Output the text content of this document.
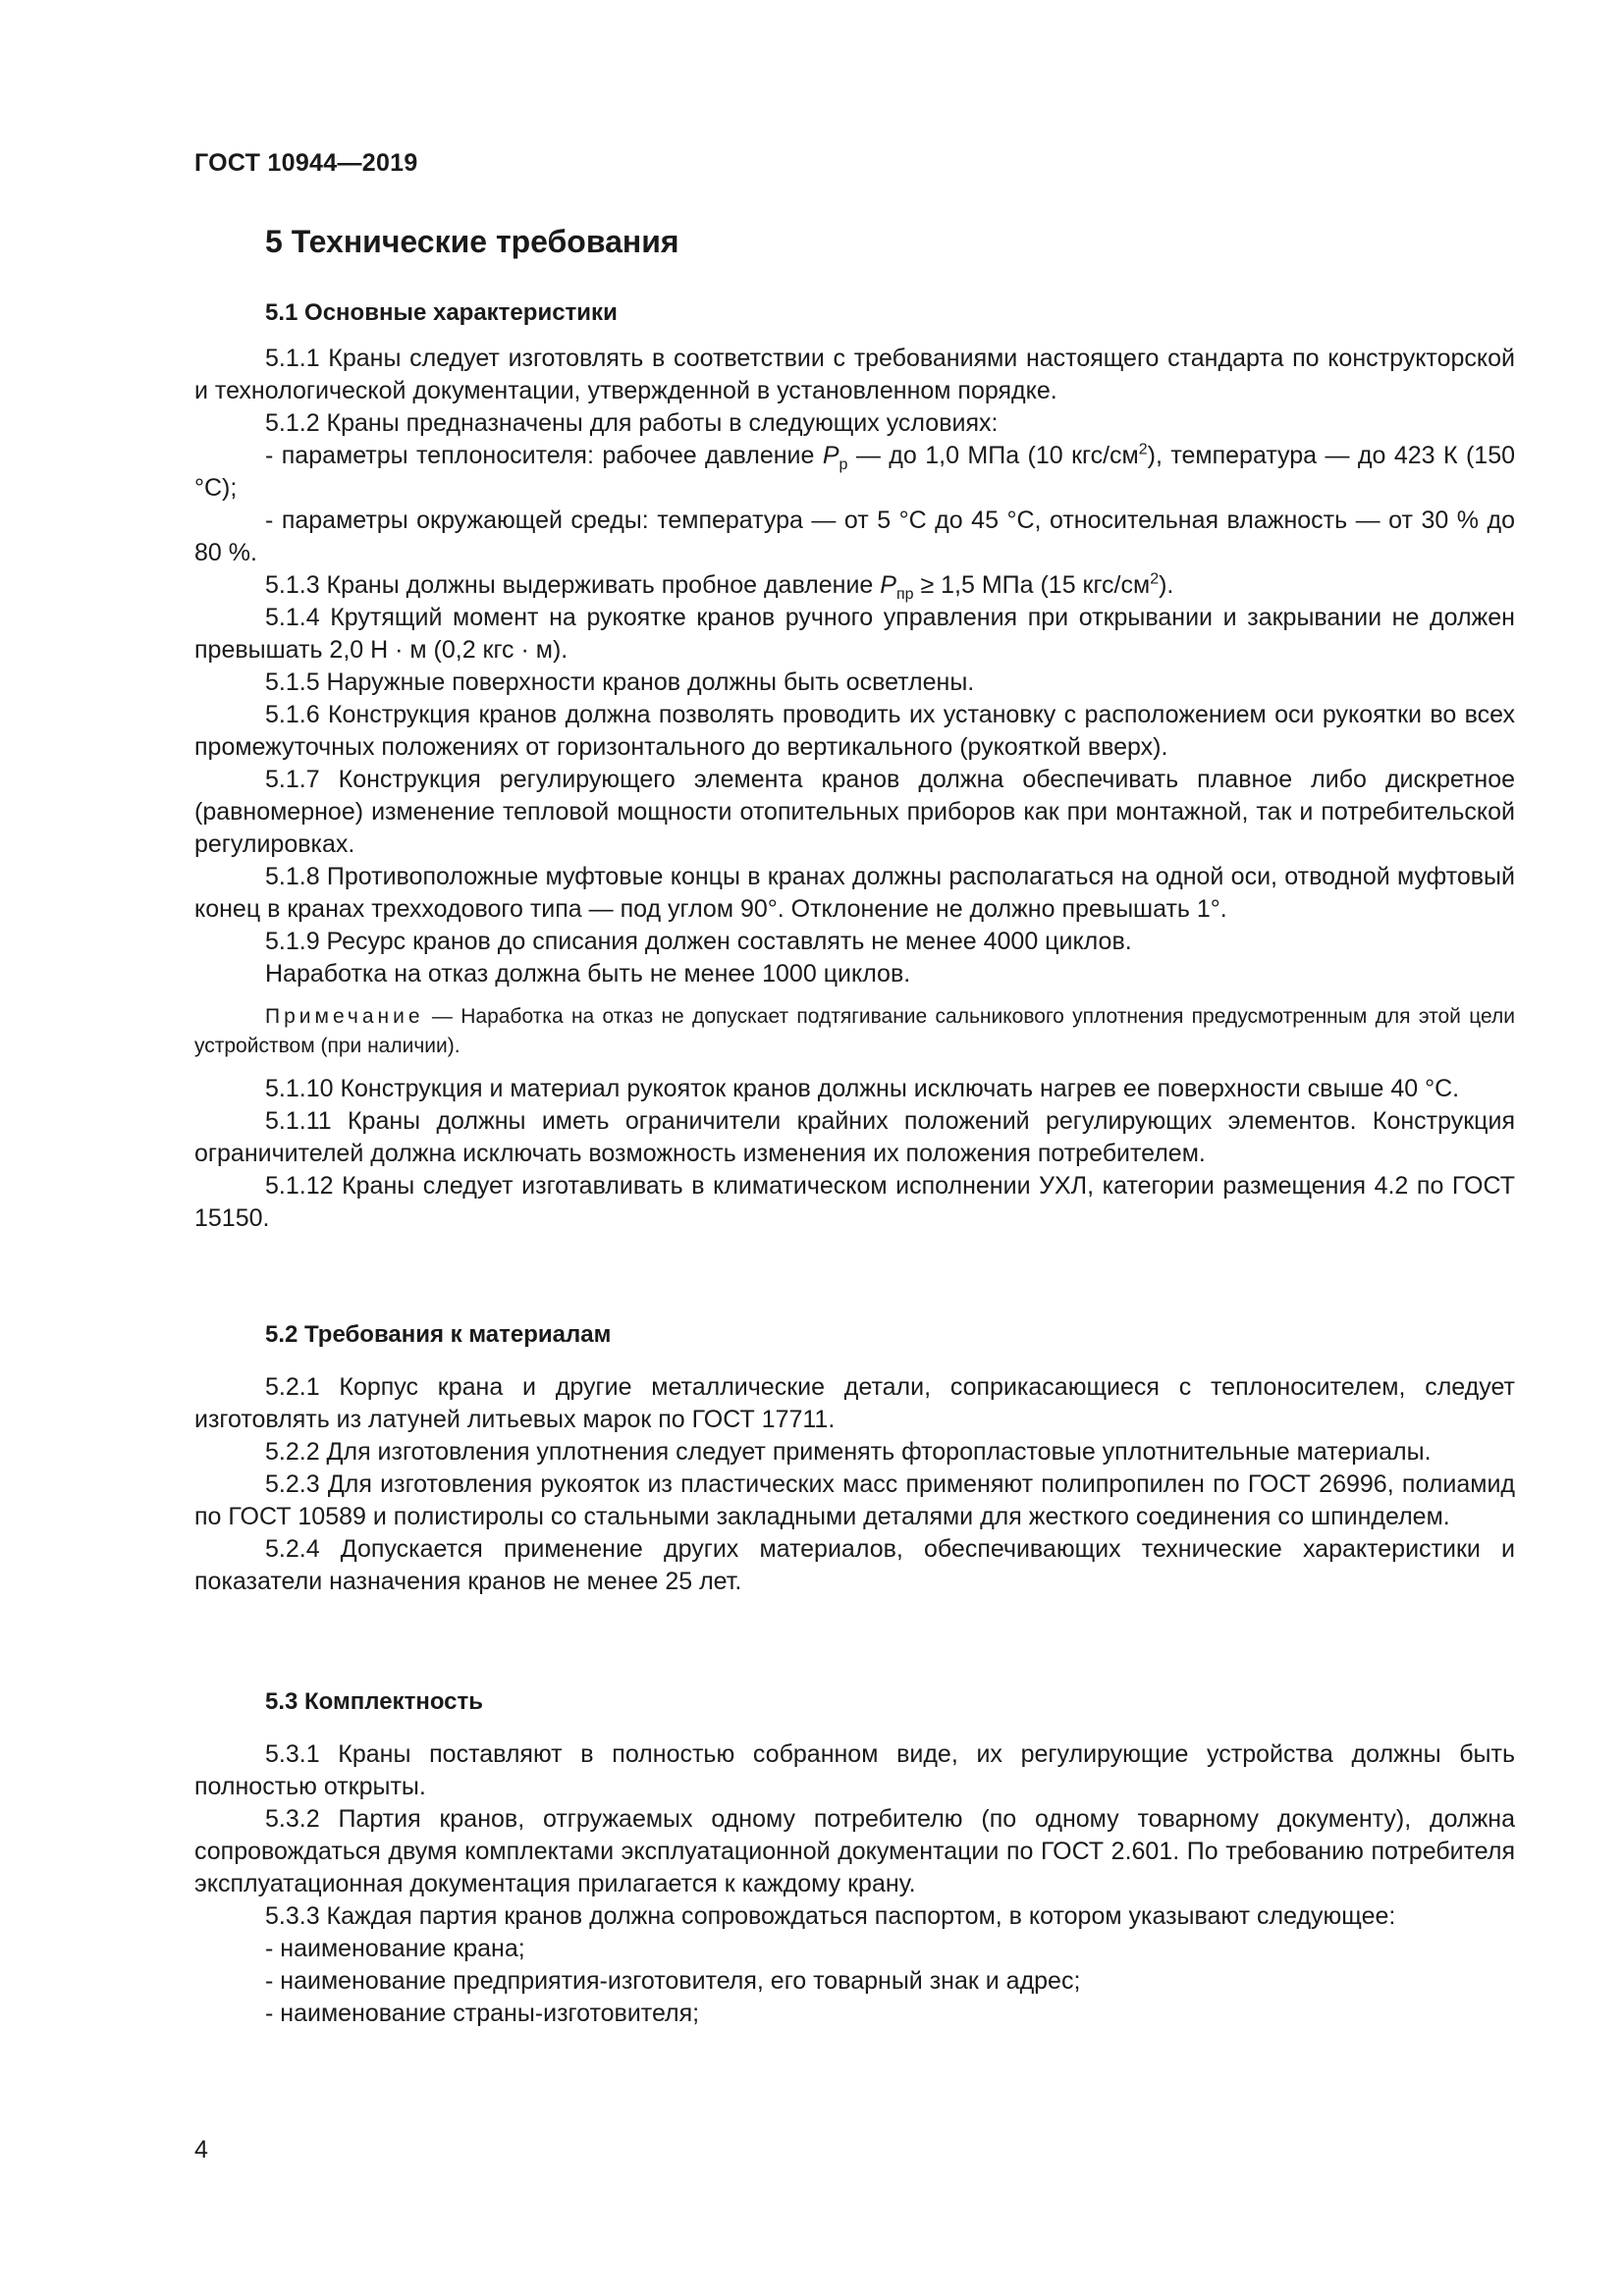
ГОСТ 10944—2019
5 Технические требования
5.1 Основные характеристики

5.1.1 Краны следует изготовлять в соответствии с требованиями настоящего стандарта по конструкторской и технологической документации, утвержденной в установленном порядке.

5.1.2 Краны предназначены для работы в следующих условиях:

- параметры теплоносителя: рабочее давление $P_р$ — до 1,0 МПа (10 кгс/$см^2$), температура — до 423 К (150 °С);

- параметры окружающей среды: температура — от 5 °С до 45 °С, относительная влажность — от 30 % до 80 %.

5.1.3 Краны должны выдерживать пробное давление $P_{пр} \ge 1,5$ МПа (15 кгс/$см^2$).

5.1.4 Крутящий момент на рукоятке кранов ручного управления при открывании и закрывании не должен превышать 2,0 Н · м (0,2 кгс · м).

5.1.5 Наружные поверхности кранов должны быть осветлены.

5.1.6 Конструкция кранов должна позволять проводить их установку с расположением оси рукоятки во всех промежуточных положениях от горизонтального до вертикального (рукояткой вверх).

5.1.7 Конструкция регулирующего элемента кранов должна обеспечивать плавное либо дискретное (равномерное) изменение тепловой мощности отопительных приборов как при монтажной, так и потребительской регулировках.

5.1.8 Противоположные муфтовые концы в кранах должны располагаться на одной оси, отводной муфтовый конец в кранах трехходового типа — под углом 90°. Отклонение не должно превышать 1°.

5.1.9 Ресурс кранов до списания должен составлять не менее 4000 циклов.

Наработка на отказ должна быть не менее 1000 циклов.

Примечание — Наработка на отказ не допускает подтягивание сальникового уплотнения предусмотренным для этой цели устройством (при наличии).

5.1.10 Конструкция и материал рукояток кранов должны исключать нагрев ее поверхности свыше 40 °С.

5.1.11 Краны должны иметь ограничители крайних положений регулирующих элементов. Конструкция ограничителей должна исключать возможность изменения их положения потребителем.

5.1.12 Краны следует изготавливать в климатическом исполнении УХЛ, категории размещения 4.2 по ГОСТ 15150.

5.2 Требования к материалам

5.2.1 Корпус крана и другие металлические детали, соприкасающиеся с теплоносителем, следует изготовлять из латуней литьевых марок по ГОСТ 17711.

5.2.2 Для изготовления уплотнения следует применять фторопластовые уплотнительные материалы.

5.2.3 Для изготовления рукояток из пластических масс применяют полипропилен по ГОСТ 26996, полиамид по ГОСТ 10589 и полистиролы со стальными закладными деталями для жесткого соединения со шпинделем.

5.2.4 Допускается применение других материалов, обеспечивающих технические характеристики и показатели назначения кранов не менее 25 лет.

5.3 Комплектность

5.3.1 Краны поставляют в полностью собранном виде, их регулирующие устройства должны быть полностью открыты.

5.3.2 Партия кранов, отгружаемых одному потребителю (по одному товарному документу), должна сопровождаться двумя комплектами эксплуатационной документации по ГОСТ 2.601. По требованию потребителя эксплуатационная документация прилагается к каждому крану.

5.3.3 Каждая партия кранов должна сопровождаться паспортом, в котором указывают следующее:

- наименование крана;

- наименование предприятия-изготовителя, его товарный знак и адрес;

- наименование страны-изготовителя;

4
